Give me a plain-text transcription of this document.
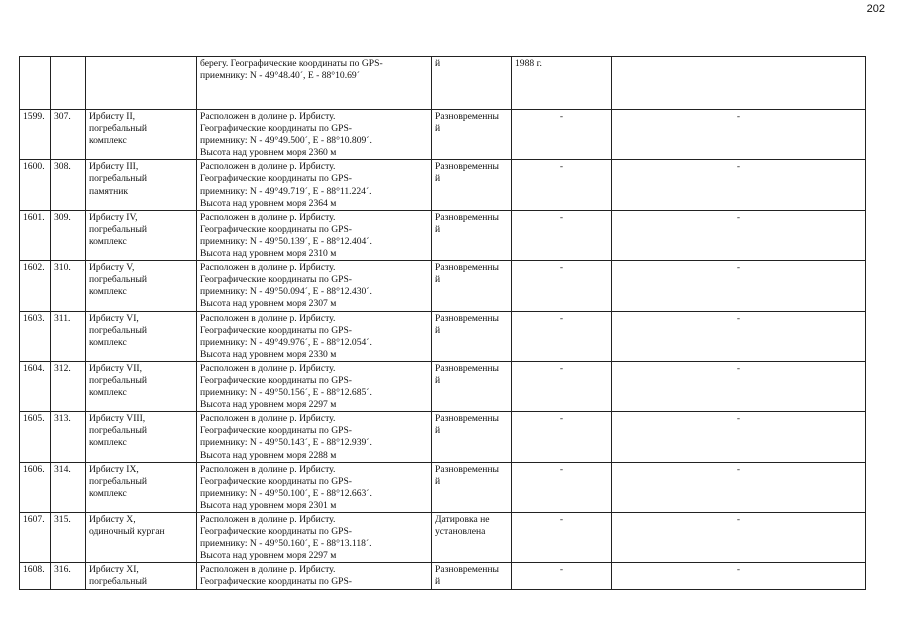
202
			берегу. Географические координаты по GPS-
приемнику: N - 49°48.40´, E - 88°10.69´	й	1988 г.	
1599.	307.	Ирбисту II,
погребальный
комплекс	Расположен в долине р. Ирбисту.
Географические координаты по GPS-
приемнику: N - 49°49.500´, E - 88°10.809´.
Высота над уровнем моря 2360 м	Разновременны
й	-	-
1600.	308.	Ирбисту III,
погребальный
памятник	Расположен в долине р. Ирбисту.
Географические координаты по GPS-
приемнику: N - 49°49.719´, E - 88°11.224´.
Высота над уровнем моря 2364 м	Разновременны
й	-	-
1601.	309.	Ирбисту IV,
погребальный
комплекс	Расположен в долине р. Ирбисту.
Географические координаты по GPS-
приемнику: N - 49°50.139´, E - 88°12.404´.
Высота над уровнем моря 2310 м	Разновременны
й	-	-
1602.	310.	Ирбисту V,
погребальный
комплекс	Расположен в долине р. Ирбисту.
Географические координаты по GPS-
приемнику: N - 49°50.094´, E - 88°12.430´.
Высота над уровнем моря 2307 м	Разновременны
й	-	-
1603.	311.	Ирбисту VI,
погребальный
комплекс	Расположен в долине р. Ирбисту.
Географические координаты по GPS-
приемнику: N - 49°49.976´, E - 88°12.054´.
Высота над уровнем моря 2330 м	Разновременны
й	-	-
1604.	312.	Ирбисту VII,
погребальный
комплекс	Расположен в долине р. Ирбисту.
Географические координаты по GPS-
приемнику: N - 49°50.156´, E - 88°12.685´.
Высота над уровнем моря 2297 м	Разновременны
й	-	-
1605.	313.	Ирбисту VIII,
погребальный
комплекс	Расположен в долине р. Ирбисту.
Географические координаты по GPS-
приемнику: N - 49°50.143´, E - 88°12.939´.
Высота над уровнем моря 2288 м	Разновременны
й	-	-
1606.	314.	Ирбисту IX,
погребальный
комплекс	Расположен в долине р. Ирбисту.
Географические координаты по GPS-
приемнику: N - 49°50.100´, E - 88°12.663´.
Высота над уровнем моря 2301 м	Разновременны
й	-	-
1607.	315.	Ирбисту X,
одиночный курган	Расположен в долине р. Ирбисту.
Географические координаты по GPS-
приемнику: N - 49°50.160´, E - 88°13.118´.
Высота над уровнем моря 2297 м	Датировка не
установлена	-	-
1608.	316.	Ирбисту XI,
погребальный	Расположен в долине р. Ирбисту.
Географические координаты по GPS-	Разновременны
й	-	-
